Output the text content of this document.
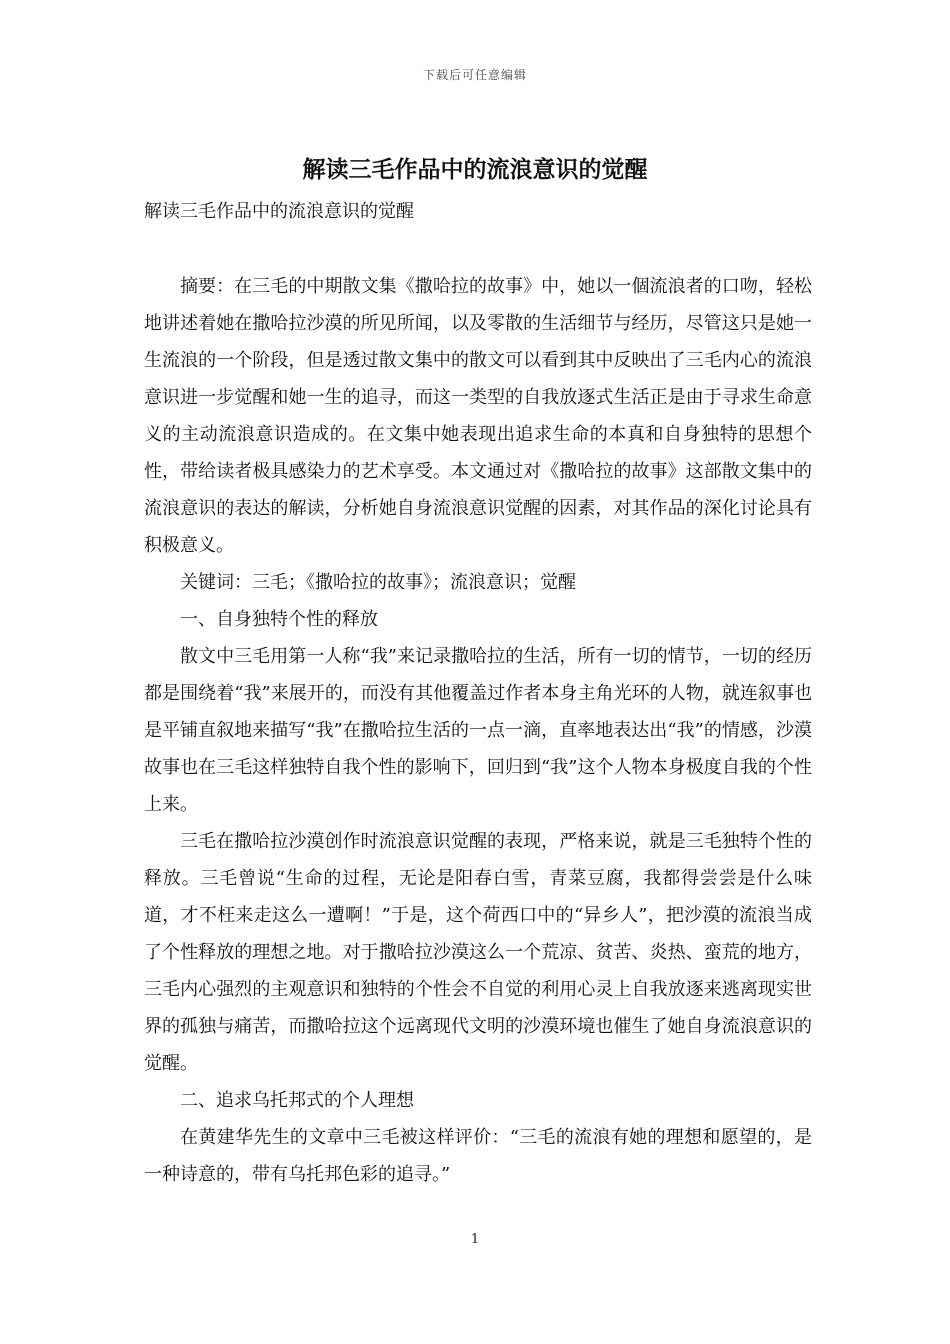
下载后可任意编辑
解读三毛作品中的流浪意识的觉醒

解读三毛作品中的流浪意识的觉醒

摘要：在三毛的中期散文集《撒哈拉的故事》中，她以一個流浪者的口吻，轻松地讲述着她在撒哈拉沙漠的所见所闻，以及零散的生活细节与经历，尽管这只是她一生流浪的一个阶段，但是透过散文集中的散文可以看到其中反映出了三毛内心的流浪意识进一步觉醒和她一生的追寻，而这一类型的自我放逐式生活正是由于寻求生命意义的主动流浪意识造成的。在文集中她表现出追求生命的本真和自身独特的思想个性，带给读者极具感染力的艺术享受。本文通过对《撒哈拉的故事》这部散文集中的流浪意识的表达的解读，分析她自身流浪意识觉醒的因素，对其作品的深化讨论具有积极意义。

关键词：三毛；《撒哈拉的故事》；流浪意识；觉醒

一、自身独特个性的释放

散文中三毛用第一人称“我”来记录撒哈拉的生活，所有一切的情节，一切的经历都是围绕着“我”来展开的，而没有其他覆盖过作者本身主角光环的人物，就连叙事也是平铺直叙地来描写“我”在撒哈拉生活的一点一滴，直率地表达出“我”的情感，沙漠故事也在三毛这样独特自我个性的影响下，回归到“我”这个人物本身极度自我的个性上来。

三毛在撒哈拉沙漠创作时流浪意识觉醒的表现，严格来说，就是三毛独特个性的释放。三毛曾说“生命的过程，无论是阳春白雪，青菜豆腐，我都得尝尝是什么味道，才不枉来走这么一遭啊！”于是，这个荷西口中的“异乡人”，把沙漠的流浪当成了个性释放的理想之地。对于撒哈拉沙漠这么一个荒凉、贫苦、炎热、蛮荒的地方，三毛内心强烈的主观意识和独特的个性会不自觉的利用心灵上自我放逐来逃离现实世界的孤独与痛苦，而撒哈拉这个远离现代文明的沙漠环境也催生了她自身流浪意识的觉醒。

二、追求乌托邦式的个人理想

在黄建华先生的文章中三毛被这样评价：“三毛的流浪有她的理想和愿望的，是一种诗意的，带有乌托邦色彩的追寻。”

1
